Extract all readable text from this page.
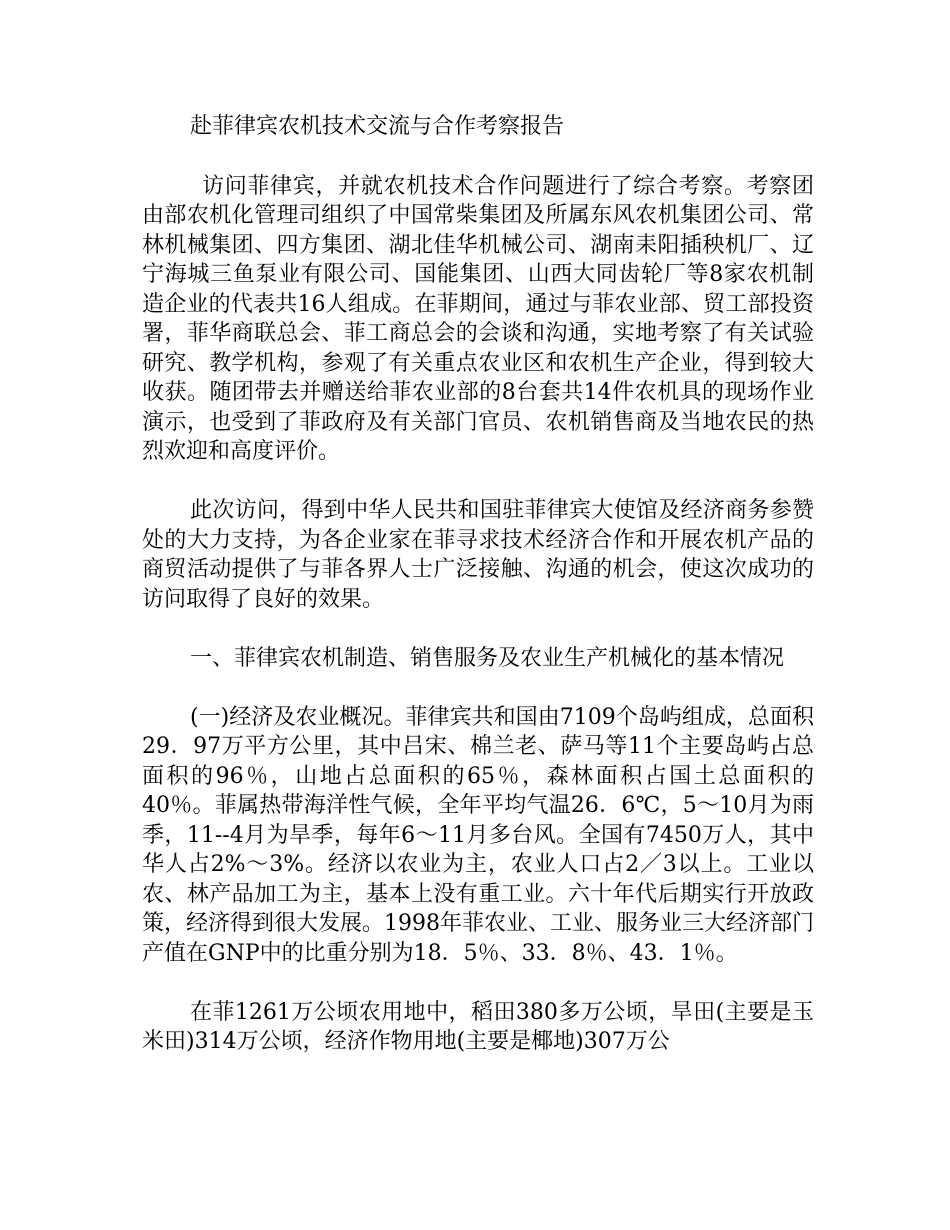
赴菲律宾农机技术交流与合作考察报告

访问菲律宾，并就农机技术合作问题进行了综合考察。考察团由部农机化管理司组织了中国常柴集团及所属东风农机集团公司、常林机械集团、四方集团、湖北佳华机械公司、湖南耒阳插秧机厂、辽宁海城三鱼泵业有限公司、国能集团、山西大同齿轮厂等8家农机制造企业的代表共16人组成。在菲期间，通过与菲农业部、贸工部投资署，菲华商联总会、菲工商总会的会谈和沟通，实地考察了有关试验研究、教学机构，参观了有关重点农业区和农机生产企业，得到较大收获。随团带去并赠送给菲农业部的8台套共14件农机具的现场作业演示，也受到了菲政府及有关部门官员、农机销售商及当地农民的热烈欢迎和高度评价。

此次访问，得到中华人民共和国驻菲律宾大使馆及经济商务参赞处的大力支持，为各企业家在菲寻求技术经济合作和开展农机产品的商贸活动提供了与菲各界人士广泛接触、沟通的机会，使这次成功的访问取得了良好的效果。

一、菲律宾农机制造、销售服务及农业生产机械化的基本情况

(一)经济及农业概况。菲律宾共和国由7109个岛屿组成，总面积29．97万平方公里，其中吕宋、棉兰老、萨马等11个主要岛屿占总面积的96％，山地占总面积的65％，森林面积占国土总面积的40％。菲属热带海洋性气候，全年平均气温26．6℃，5～10月为雨季，11--4月为旱季，每年6～11月多台风。全国有7450万人，其中华人占2%～3%。经济以农业为主，农业人口占2／3以上。工业以农、林产品加工为主，基本上没有重工业。六十年代后期实行开放政策，经济得到很大发展。1998年菲农业、工业、服务业三大经济部门产值在GNP中的比重分别为18．5％、33．8％、43．1％。

在菲1261万公顷农用地中，稻田380多万公顷，旱田(主要是玉米田)314万公顷，经济作物用地(主要是椰地)307万公
